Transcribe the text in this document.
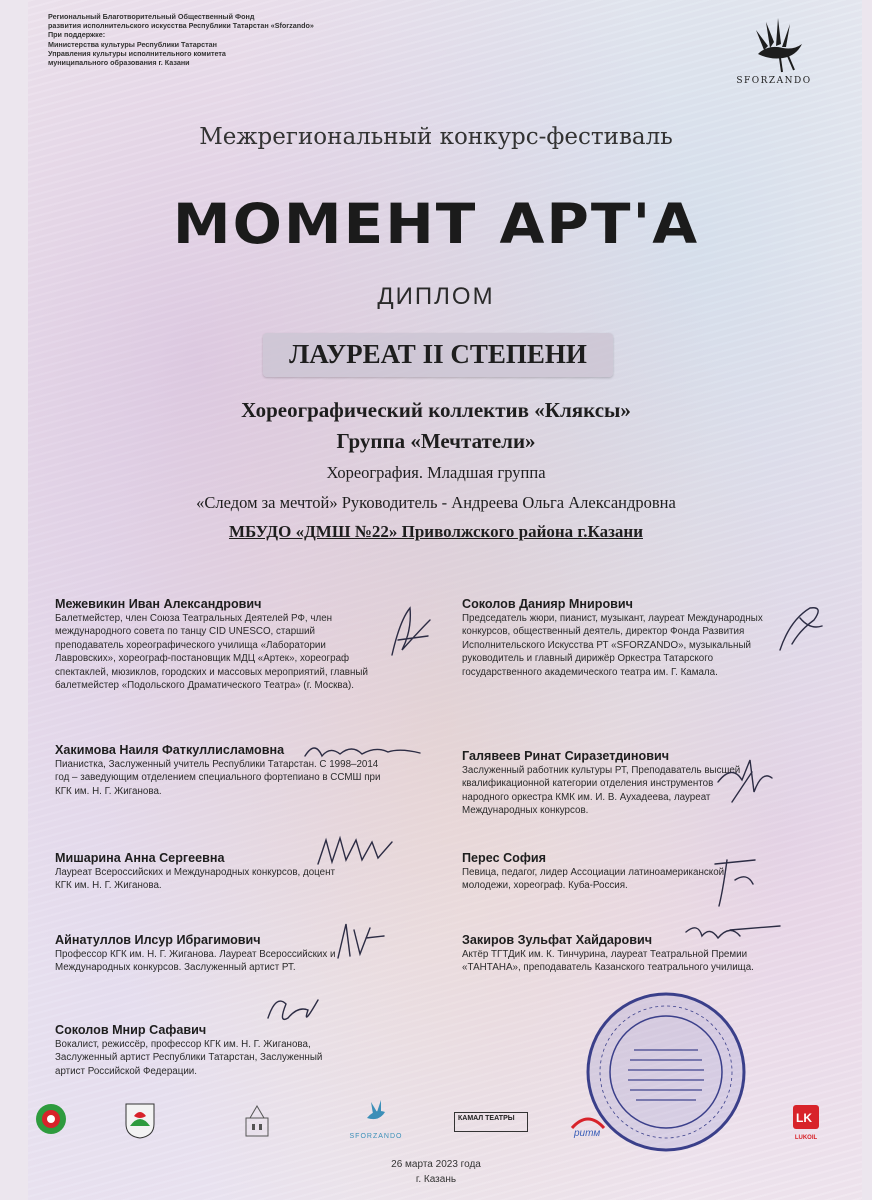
Региональный Благотворительный Общественный Фонд
развития исполнительского искусства Республики Татарстан «Sforzando»
При поддержке:
Министерства культуры Республики Татарстан
Управления культуры исполнительного комитета
муниципального образования г. Казани
SFORZANDO
Межрегиональный конкурс-фестиваль
МОМЕНТ АРТ'А
ДИПЛОМ
ЛАУРЕАТ II СТЕПЕНИ
Хореографический коллектив «Кляксы»
Группа «Мечтатели»
Хореография. Младшая группа
«Следом за мечтой» Руководитель - Андреева Ольга Александровна
МБУДО «ДМШ №22» Приволжского района г.Казани
Межевикин Иван Александрович
Балетмейстер, член Союза Театральных Деятелей РФ, член международного совета по танцу CID UNESCO, старший преподаватель хореографического училища «Лаборатории Лавровских», хореограф-постановщик МДЦ «Артек», хореограф спектаклей, мюзиклов, городских и массовых мероприятий, главный балетмейстер «Подольского Драматического Театра» (г. Москва).
Хакимова Наиля Фаткуллисламовна
Пианистка, Заслуженный учитель Республики Татарстан. С 1998–2014 год – заведующим отделением специального фортепиано в ССМШ при КГК им. Н. Г. Жиганова.
Мишарина Анна Сергеевна
Лауреат Всероссийских и Международных конкурсов, доцент КГК им. Н. Г. Жиганова.
Айнатуллов Илсур Ибрагимович
Профессор КГК им. Н. Г. Жиганова. Лауреат Всероссийских и Международных конкурсов. Заслуженный артист РТ.
Соколов Мнир Сафавич
Вокалист, режиссёр, профессор КГК им. Н. Г. Жиганова, Заслуженный артист Республики Татарстан, Заслуженный артист Российской Федерации.
Соколов Данияр Мнирович
Председатель жюри, пианист, музыкант, лауреат Международных конкурсов, общественный деятель, директор Фонда Развития Исполнительского Искусства РТ «SFORZANDO», музыкальный руководитель и главный дирижёр Оркестра Татарского государственного академического театра им. Г. Камала.
Галявеев Ринат Сиразетдинович
Заслуженный работник культуры РТ, Преподаватель высшей квалификационной категории отделения инструментов народного оркестра КМК им. И. В. Аухадеева, лауреат Международных конкурсов.
Перес София
Певица, педагог, лидер Ассоциации латиноамериканской молодежи, хореограф. Куба-Россия.
Закиров Зульфат Хайдарович
Актёр ТГТДиК им. К. Тинчурина, лауреат Театральной Премии «ТАНТАНА», преподаватель Казанского театрального училища.
SFORZANDO
КАМАЛ ТЕАТРЫ
ритм
LK
LUKOIL
26 марта 2023 года
г. Казань
